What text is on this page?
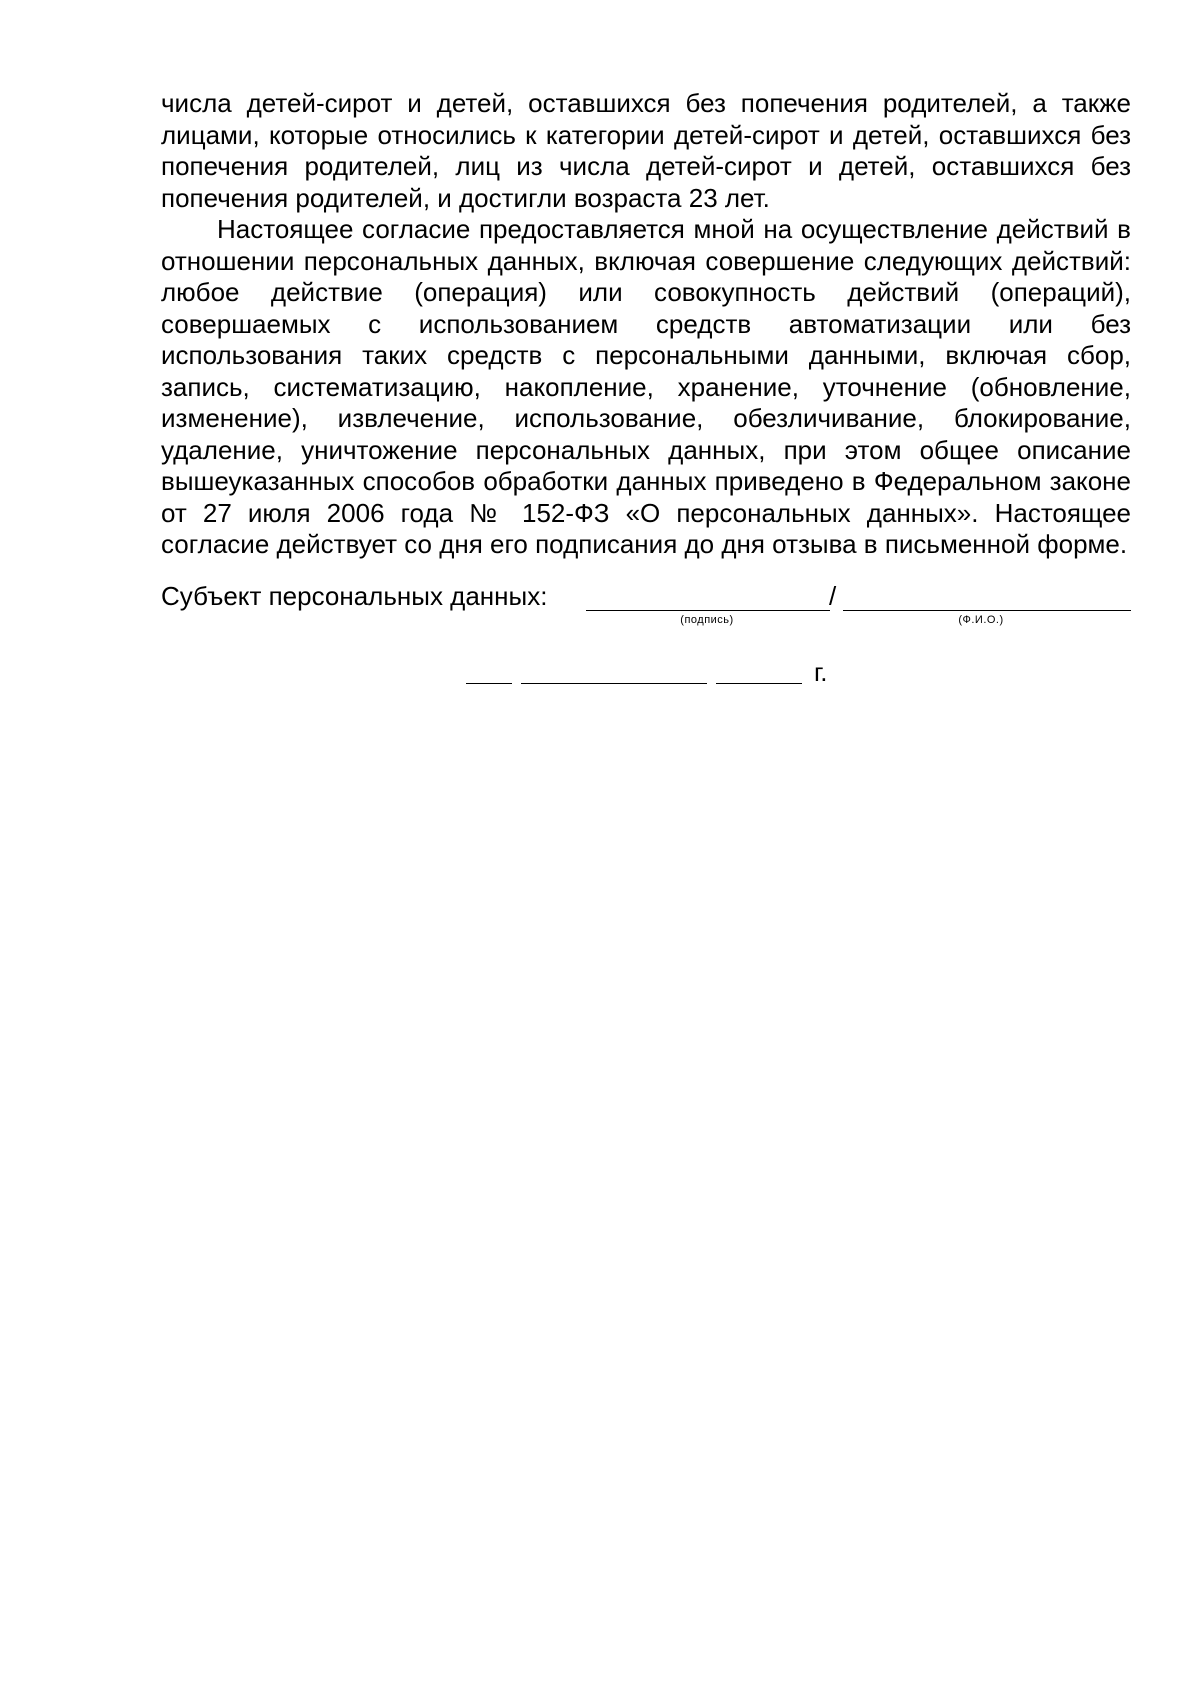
числа детей-сирот и детей, оставшихся без попечения родителей, а также лицами, которые относились к категории детей-сирот и детей, оставшихся без попечения родителей, лиц из числа детей-сирот и детей, оставшихся без попечения родителей, и достигли возраста 23 лет.

Настоящее согласие предоставляется мной на осуществление действий в отношении персональных данных, включая совершение следующих действий: любое действие (операция) или совокупность действий (операций), совершаемых с использованием средств автоматизации или без использования таких средств с персональными данными, включая сбор, запись, систематизацию, накопление, хранение, уточнение (обновление, изменение), извлечение, использование, обезличивание, блокирование, удаление, уничтожение персональных данных, при этом общее описание вышеуказанных способов обработки данных приведено в Федеральном законе от 27 июля 2006 года № 152-ФЗ «О персональных данных». Настоящее согласие действует со дня его подписания до дня отзыва в письменной форме.

Субъект персональных данных:	/
(подпись)	(Ф.И.О.)
г.
